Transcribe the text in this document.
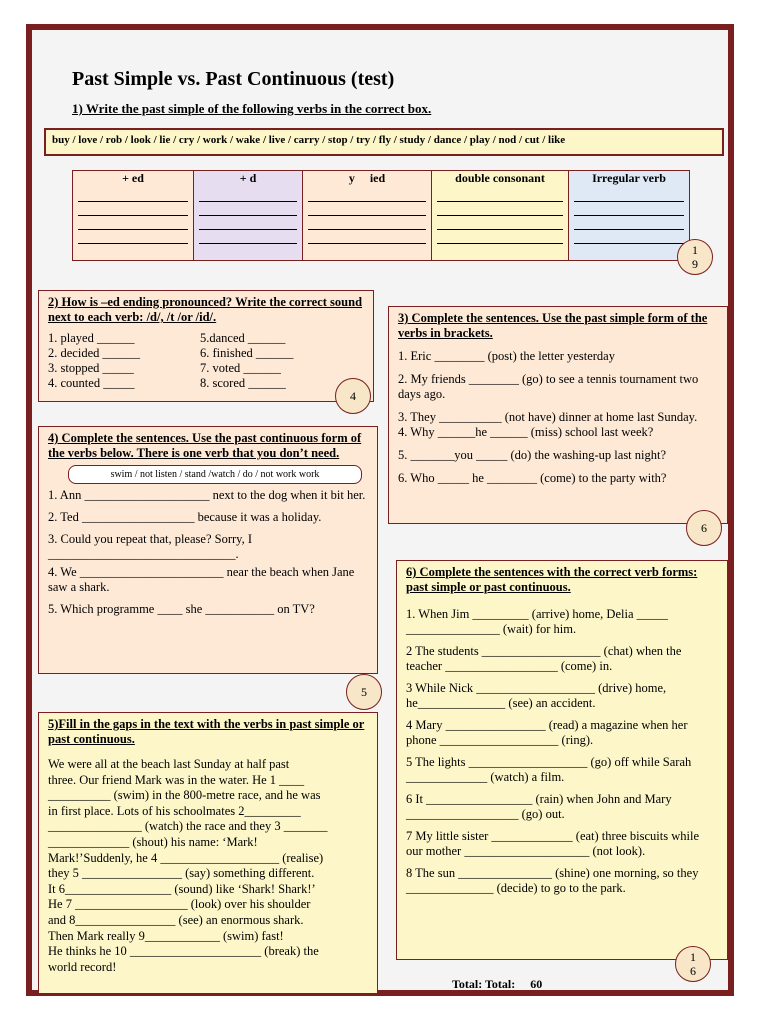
Past Simple vs. Past Continuous (test)
1) Write the past simple of the following verbs in the correct box.
buy / love / rob / look / lie / cry / work / wake / live / carry / stop / try / fly / study / dance / play / nod / cut / like
+ ed	+ d	y     ied	double consonant	Irregular verb
19
2) How is –ed ending pronounced? Write the correct sound next to each verb: /d/, /t /or /id/.
1. played ______	5.danced ______
2. decided ______	6. finished ______
3. stopped _____	7. voted ______
4. counted _____	8. scored ______
4
3) Complete the sentences. Use the past simple form of the verbs in brackets.
1. Eric ________ (post) the letter yesterday
2. My friends ________ (go) to see a tennis tournament two days ago.
3. They __________ (not have) dinner at home last Sunday.
4. Why ______he ______ (miss) school last week?
5. _______you _____ (do) the washing-up last night?
6. Who _____ he ________ (come) to the party with?
6
4) Complete the sentences. Use the past continuous form of the verbs below. There is one verb that you don’t need.
swim / not listen / stand /watch / do / not work work
1. Ann ____________________ next to the dog when it bit her.
2. Ted __________________ because it was a holiday.
3. Could you repeat that, please? Sorry, I ______________________________.
4. We _______________________ near the beach when Jane saw a shark.
5. Which programme ____ she ___________ on TV?
5
5)Fill in the gaps in the text with the verbs in past simple or past continuous.
We were all at the beach last Sunday at half past
three. Our friend Mark was in the water. He 1 ____
__________ (swim) in the 800-metre race, and he was
in first place. Lots of his schoolmates 2_________
_______________ (watch) the race and they 3 _______
_____________ (shout) his name: ‘Mark!
Mark!’Suddenly, he 4 ___________________ (realise)
they 5 ________________ (say) something different.
It 6_________________ (sound) like ‘Shark! Shark!’
He 7 __________________ (look) over his shoulder
and 8________________ (see) an enormous shark.
Then Mark really 9____________ (swim) fast!
He thinks he 10 _____________________ (break) the
world record!
6) Complete the sentences with the correct verb forms: past simple or past continuous.
1. When Jim _________ (arrive) home, Delia _____ _______________ (wait) for him.
2 The students ___________________ (chat) when the teacher __________________ (come) in.
3 While Nick ___________________ (drive) home, he______________ (see) an accident.
4 Mary ________________ (read) a magazine when her phone ___________________ (ring).
5 The lights ___________________ (go) off while Sarah _____________ (watch) a film.
6 It _________________ (rain) when John and Mary __________________ (go) out.
7 My little sister _____________ (eat) three biscuits while our mother ____________________ (not look).
8 The sun _______________ (shine) one morning, so they ______________ (decide) to go to the park.
16
Total: Total:     60
